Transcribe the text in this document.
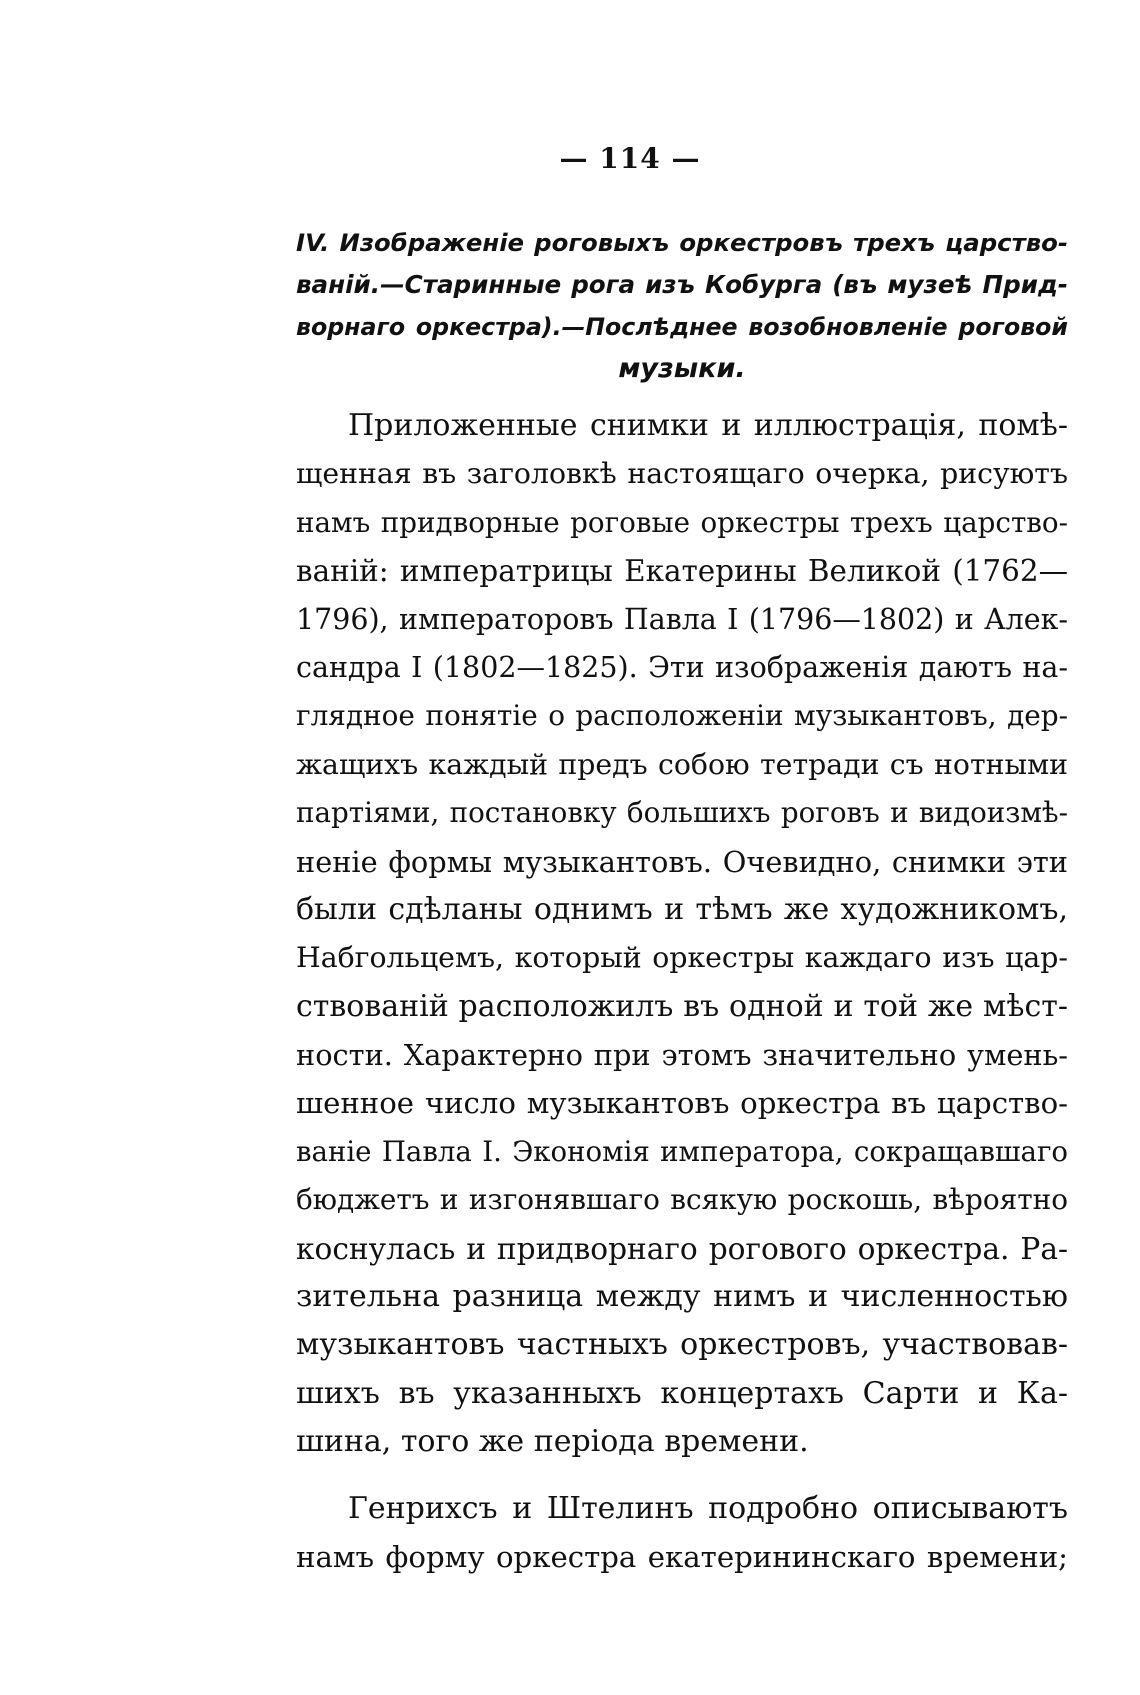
— 114 —
IV. Изображеніе роговыхъ оркестровъ трехъ царство-
ваній.—Старинные рога изъ Кобурга (въ музеѣ Прид-
ворнаго оркестра).—Послѣднее возобновленіе роговой
музыки.
Приложенные снимки и иллюстрація, помѣ-
щенная въ заголовкѣ настоящаго очерка, рисуютъ
намъ придворные роговые оркестры трехъ царство-
ваній: императрицы Екатерины Великой (1762—
1796), императоровъ Павла I (1796—1802) и Алек-
сандра I (1802—1825). Эти изображенія даютъ на-
глядное понятіе о расположеніи музыкантовъ, дер-
жащихъ каждый предъ собою тетради съ нотными
партіями, постановку большихъ роговъ и видоизмѣ-
неніе формы музыкантовъ. Очевидно, снимки эти
были сдѣланы однимъ и тѣмъ же художникомъ,
Набгольцемъ, который оркестры каждаго изъ цар-
ствованій расположилъ въ одной и той же мѣст-
ности. Характерно при этомъ значительно умень-
шенное число музыкантовъ оркестра въ царство-
ваніе Павла I. Экономія императора, сокращавшаго
бюджетъ и изгонявшаго всякую роскошь, вѣроятно
коснулась и придворнаго рогового оркестра. Ра-
зительна разница между нимъ и численностью
музыкантовъ частныхъ оркестровъ, участвовав-
шихъ въ указанныхъ концертахъ Сарти и Ка-
шина, того же періода времени.
Генрихсъ и Штелинъ подробно описываютъ
намъ форму оркестра екатерининскаго времени;
